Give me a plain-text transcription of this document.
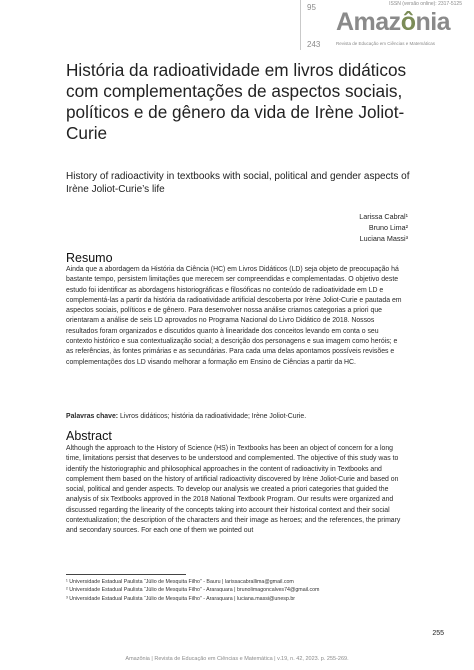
95
243
ISSN (versão online): 2317-5125
Amazônia
Revista de Educação em Ciências e Matemáticas
História da radioatividade em livros didáticos com complementações de aspectos sociais, políticos e de gênero da vida de Irène Joliot-Curie
History of radioactivity in textbooks with social, political and gender aspects of Irène Joliot-Curie’s life
Larissa Cabral¹
Bruno Lima²
Luciana Massi³
Resumo
Ainda que a abordagem da História da Ciência (HC) em Livros Didáticos (LD) seja objeto de preocupação há bastante tempo, persistem limitações que merecem ser compreendidas e complementadas. O objetivo deste estudo foi identificar as abordagens historiográficas e filosóficas no conteúdo de radioatividade em LD e complementá-las a partir da história da radioatividade artificial descoberta por Irène Joliot-Curie e pautada em aspectos sociais, políticos e de gênero. Para desenvolver nossa análise criamos categorias a priori que orientaram a análise de seis LD aprovados no Programa Nacional do Livro Didático de 2018. Nossos resultados foram organizados e discutidos quanto à linearidade dos conceitos levando em conta o seu contexto histórico e sua contextualização social; a descrição dos personagens e sua imagem como heróis; e as referências, às fontes primárias e as secundárias. Para cada uma delas apontamos possíveis revisões e complementações dos LD visando melhorar a formação em Ensino de Ciências a partir da HC.
Palavras chave: Livros didáticos; história da radioatividade; Irène Joliot-Curie.
Abstract
Although the approach to the History of Science (HS) in Textbooks has been an object of concern for a long time, limitations persist that deserves to be understood and complemented. The objective of this study was to identify the historiographic and philosophical approaches in the content of radioactivity in Textbooks and complement them based on the history of artificial radioactivity discovered by Irène Joliot-Curie and based on social, political and gender aspects. To develop our analysis we created a priori categories that guided the analysis of six Textbooks approved in the 2018 National Textbook Program. Our results were organized and discussed regarding the linearity of the concepts taking into account their historical context and their social contextualization; the description of the characters and their image as heroes; and the references, the primary and secondary sources. For each one of them we pointed out
¹ Universidade Estadual Paulista “Júlio de Mesquita Filho” - Bauru | larissacabrallima@gmail.com
² Universidade Estadual Paulista “Júlio de Mesquita Filho” - Araraquara | brunolimagoncalves74@gmail.com
³ Universidade Estadual Paulista “Júlio de Mesquita Filho” - Araraquara | luciana.massi@unesp.br
255
Amazônia | Revista de Educação em Ciências e Matemática | v.19, n. 42, 2023. p. 255-269.
